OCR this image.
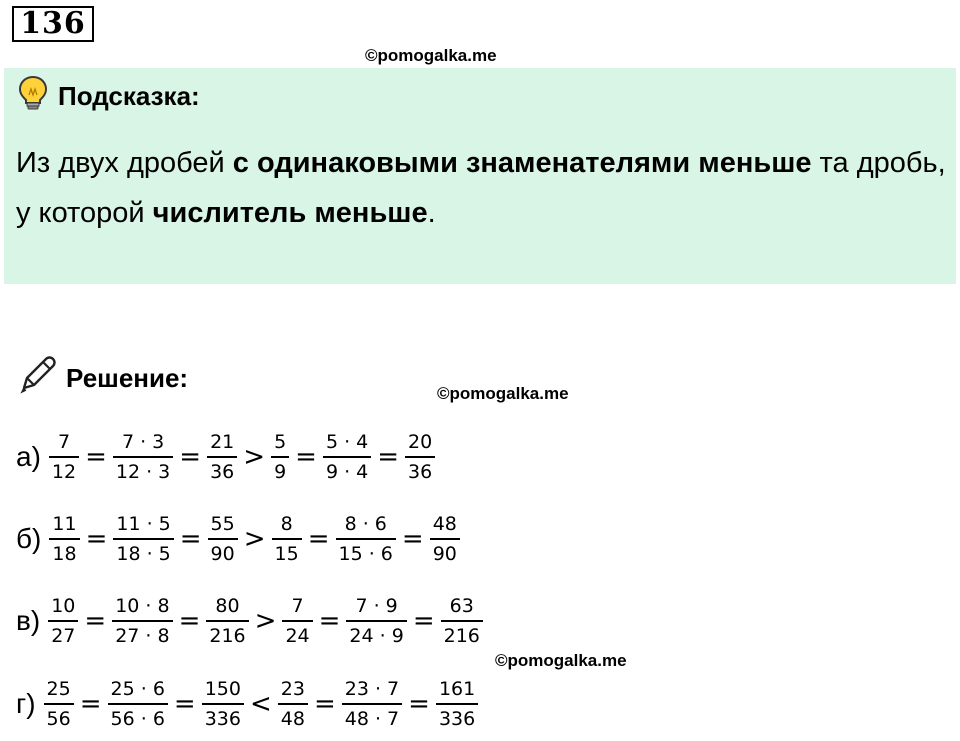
136
©pomogalka.me
Подсказка:
Из двух дробей с одинаковыми знаменателями меньше та дробь, у которой числитель меньше.
Решение:
©pomogalka.me
©pomogalka.me
$а) \frac{7}{12} = \frac{7 \cdot 3}{12 \cdot 3} = \frac{21}{36} > \frac{5}{9} = \frac{5 \cdot 4}{9 \cdot 4} = \frac{20}{36}$
$б) \frac{11}{18} = \frac{11 \cdot 5}{18 \cdot 5} = \frac{55}{90} > \frac{8}{15} = \frac{8 \cdot 6}{15 \cdot 6} = \frac{48}{90}$
$в) \frac{10}{27} = \frac{10 \cdot 8}{27 \cdot 8} = \frac{80}{216} > \frac{7}{24} = \frac{7 \cdot 9}{24 \cdot 9} = \frac{63}{216}$
$г) \frac{25}{56} = \frac{25 \cdot 6}{56 \cdot 6} = \frac{150}{336} < \frac{23}{48} = \frac{23 \cdot 7}{48 \cdot 7} = \frac{161}{336}$
